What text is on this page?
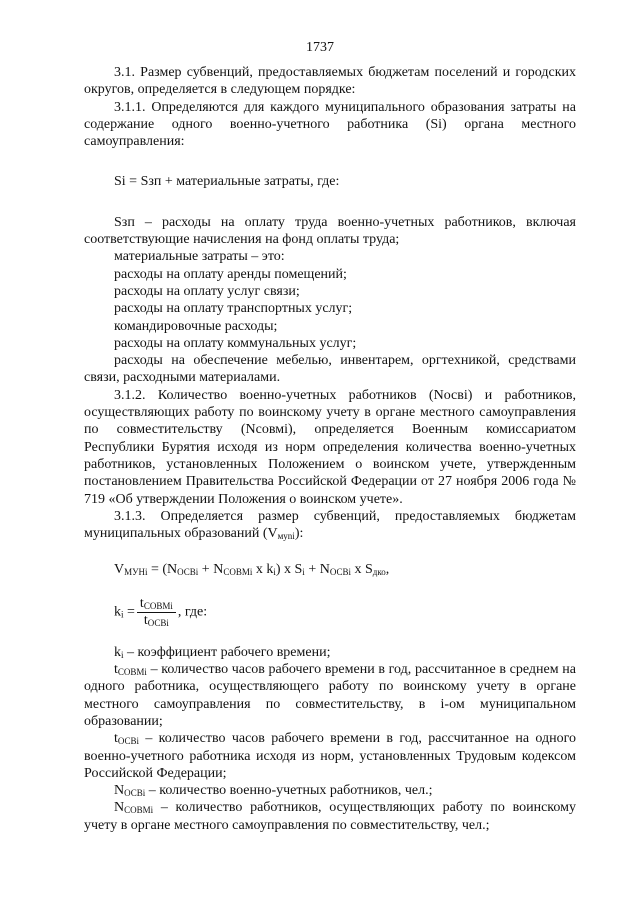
1737

3.1. Размер субвенций, предоставляемых бюджетам поселений и городских округов, определяется в следующем порядке:

3.1.1. Определяются для каждого муниципального образования затраты на содержание одного военно-учетного работника (Si) органа местного самоуправления:

Si = Sзп + материальные затраты, где:

Sзп – расходы на оплату труда военно-учетных работников, включая соответствующие начисления на фонд оплаты труда;

материальные затраты – это:

расходы на оплату аренды помещений;

расходы на оплату услуг связи;

расходы на оплату транспортных услуг;

командировочные расходы;

расходы на оплату коммунальных услуг;

расходы на обеспечение мебелью, инвентарем, оргтехникой, средствами связи, расходными материалами.

3.1.2. Количество военно-учетных работников (Nосвi) и работников, осуществляющих работу по воинскому учету в органе местного самоуправления по совместительству (Nсовмi), определяется Военным комиссариатом Республики Бурятия исходя из норм определения количества военно-учетных работников, установленных Положением о воинском учете, утвержденным постановлением Правительства Российской Федерации от 27 ноября 2006 года № 719 «Об утверждении Положения о воинском учете».

3.1.3. Определяется размер субвенций, предоставляемых бюджетам муниципальных образований $(V_{муni})$:

$V_{МУНi} = (N_{ОСВi} + N_{СОВМi}$ x $k_i$) x $S_i + N_{ОСВi}$ x $S_{дко}$,

$k_i = \frac{t_{СОВМi}}{t_{ОСВi}}$ , где:

$k_i$ – коэффициент рабочего времени;

$t_{СОВМi}$ – количество часов рабочего времени в год, рассчитанное в среднем на одного работника, осуществляющего работу по воинскому учету в органе местного самоуправления по совместительству, в i-ом муниципальном образовании;

$t_{ОСВi}$ – количество часов рабочего времени в год, рассчитанное на одного военно-учетного работника исходя из норм, установленных Трудовым кодексом Российской Федерации;

$N_{ОСВi}$ – количество военно-учетных работников, чел.;

$N_{СОВМi}$ – количество работников, осуществляющих работу по воинскому учету в органе местного самоуправления по совместительству, чел.;
